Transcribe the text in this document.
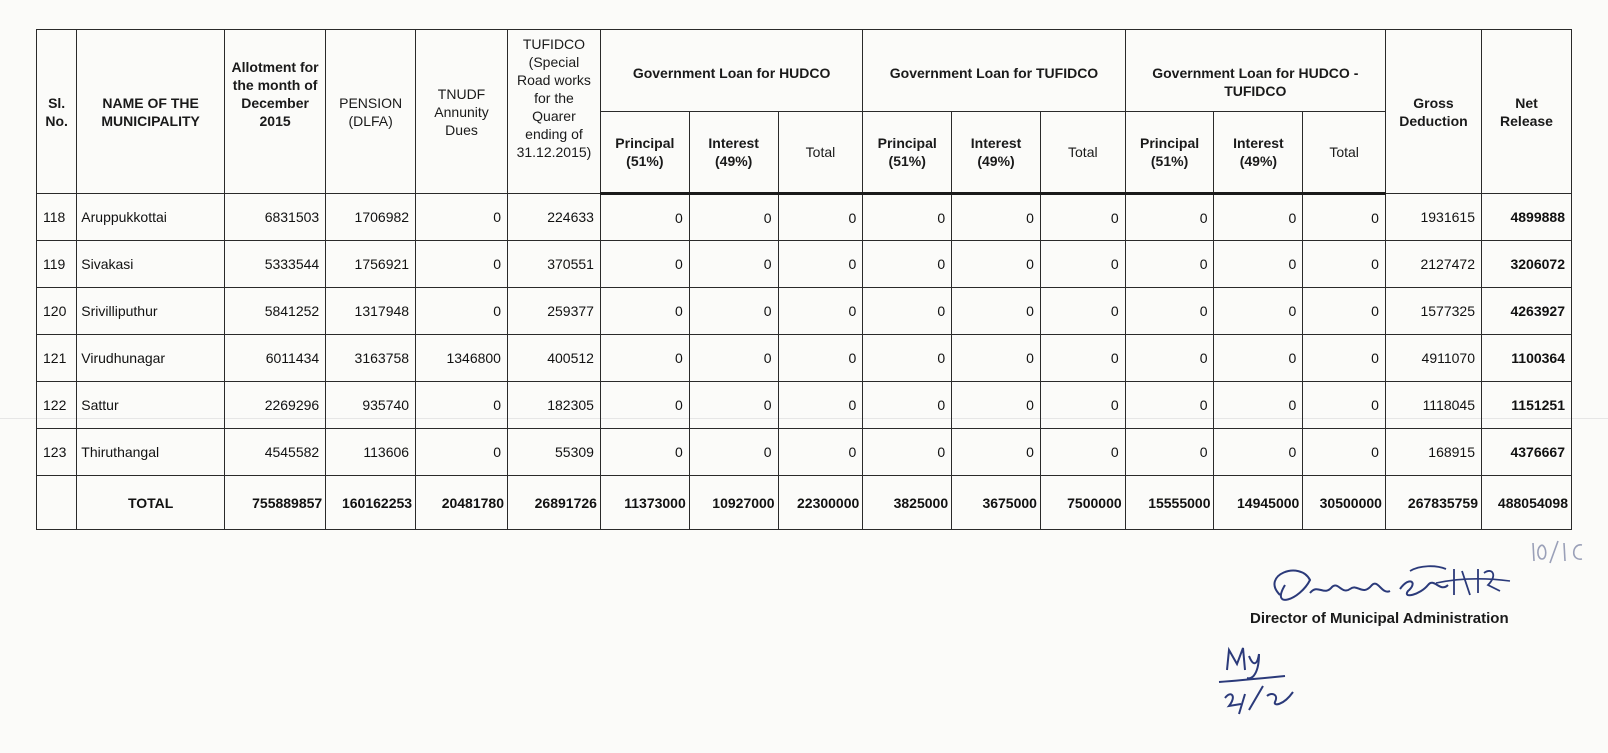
Sl. No.	NAME OF THE MUNICIPALITY	Allotment for the month of December 2015	PENSION (DLFA)	TNUDF Annunity Dues	TUFIDCO (Special Road works for the Quarer ending of 31.12.2015)	Government Loan for HUDCO			Government Loan for TUFIDCO			Government Loan for HUDCO - TUFIDCO			Gross Deduction	Net Release
						Principal (51%)	Interest (49%)	Total	Principal (51%)	Interest (49%)	Total	Principal (51%)	Interest (49%)	Total		
118	Aruppukkottai	6831503	1706982	0	224633	0	0	0	0	0	0	0	0	0	1931615	4899888
119	Sivakasi	5333544	1756921	0	370551	0	0	0	0	0	0	0	0	0	2127472	3206072
120	Srivilliputhur	5841252	1317948	0	259377	0	0	0	0	0	0	0	0	0	1577325	4263927
121	Virudhunagar	6011434	3163758	1346800	400512	0	0	0	0	0	0	0	0	0	4911070	1100364
122	Sattur	2269296	935740	0	182305	0	0	0	0	0	0	0	0	0	1118045	1151251
123	Thiruthangal	4545582	113606	0	55309	0	0	0	0	0	0	0	0	0	168915	4376667
	TOTAL	755889857	160162253	20481780	26891726	11373000	10927000	22300000	3825000	3675000	7500000	15555000	14945000	30500000	267835759	488054098
Director of Municipal Administration
